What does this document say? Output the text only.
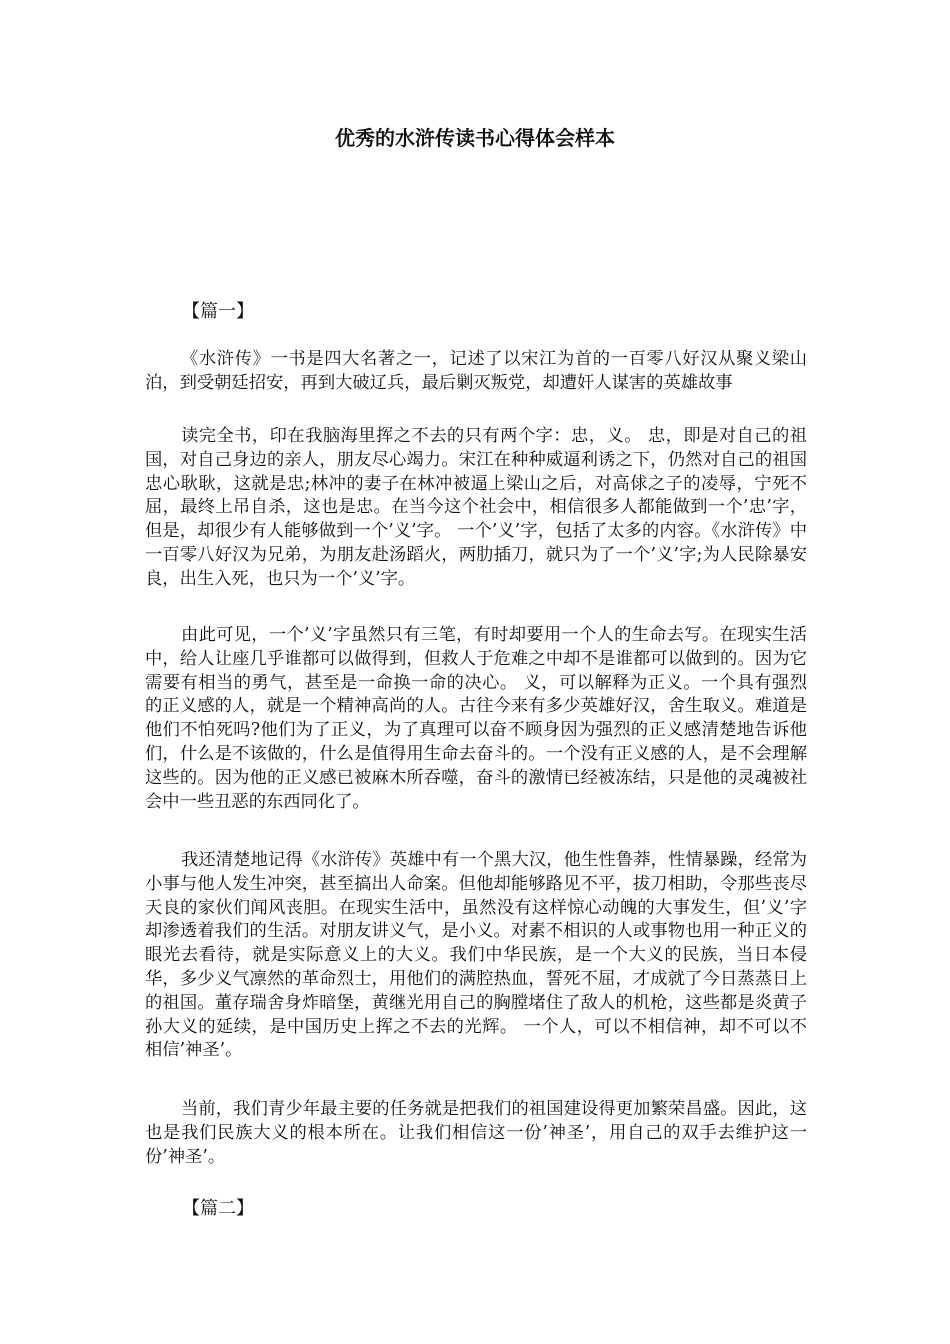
优秀的水浒传读书心得体会样本
【篇一】

《水浒传》一书是四大名著之一，记述了以宋江为首的一百零八好汉从聚义梁山泊，到受朝廷招安，再到大破辽兵，最后剿灭叛党，却遭奸人谋害的英雄故事

读完全书，印在我脑海里挥之不去的只有两个字：忠，义。 忠，即是对自己的祖国，对自己身边的亲人，朋友尽心竭力。宋江在种种威逼利诱之下，仍然对自己的祖国忠心耿耿，这就是忠;林冲的妻子在林冲被逼上梁山之后，对高俅之子的凌辱，宁死不屈，最终上吊自杀，这也是忠。在当今这个社会中，相信很多人都能做到一个’忠’字，但是，却很少有人能够做到一个’义’字。 一个’义’字，包括了太多的内容。《水浒传》中一百零八好汉为兄弟，为朋友赴汤蹈火，两肋插刀，就只为了一个’义’字;为人民除暴安良，出生入死，也只为一个’义’字。

由此可见，一个’义’字虽然只有三笔，有时却要用一个人的生命去写。在现实生活中，给人让座几乎谁都可以做得到，但救人于危难之中却不是谁都可以做到的。因为它需要有相当的勇气，甚至是一命换一命的决心。 义，可以解释为正义。一个具有强烈的正义感的人，就是一个精神高尚的人。古往今来有多少英雄好汉，舍生取义。难道是他们不怕死吗?他们为了正义，为了真理可以奋不顾身因为强烈的正义感清楚地告诉他们，什么是不该做的，什么是值得用生命去奋斗的。一个没有正义感的人，是不会理解这些的。因为他的正义感已被麻木所吞噬，奋斗的激情已经被冻结，只是他的灵魂被社会中一些丑恶的东西同化了。

我还清楚地记得《水浒传》英雄中有一个黑大汉，他生性鲁莽，性情暴躁，经常为小事与他人发生冲突，甚至搞出人命案。但他却能够路见不平，拔刀相助，令那些丧尽天良的家伙们闻风丧胆。在现实生活中，虽然没有这样惊心动魄的大事发生，但’义’字却渗透着我们的生活。对朋友讲义气，是小义。对素不相识的人或事物也用一种正义的眼光去看待，就是实际意义上的大义。我们中华民族，是一个大义的民族，当日本侵华，多少义气凛然的革命烈士，用他们的满腔热血，誓死不屈，才成就了今日蒸蒸日上的祖国。董存瑞舍身炸暗堡，黄继光用自己的胸膛堵住了敌人的机枪，这些都是炎黄子孙大义的延续，是中国历史上挥之不去的光辉。 一个人，可以不相信神，却不可以不相信’神圣’。

当前，我们青少年最主要的任务就是把我们的祖国建设得更加繁荣昌盛。因此，这也是我们民族大义的根本所在。让我们相信这一份’神圣’，用自己的双手去维护这一份’神圣’。

【篇二】
